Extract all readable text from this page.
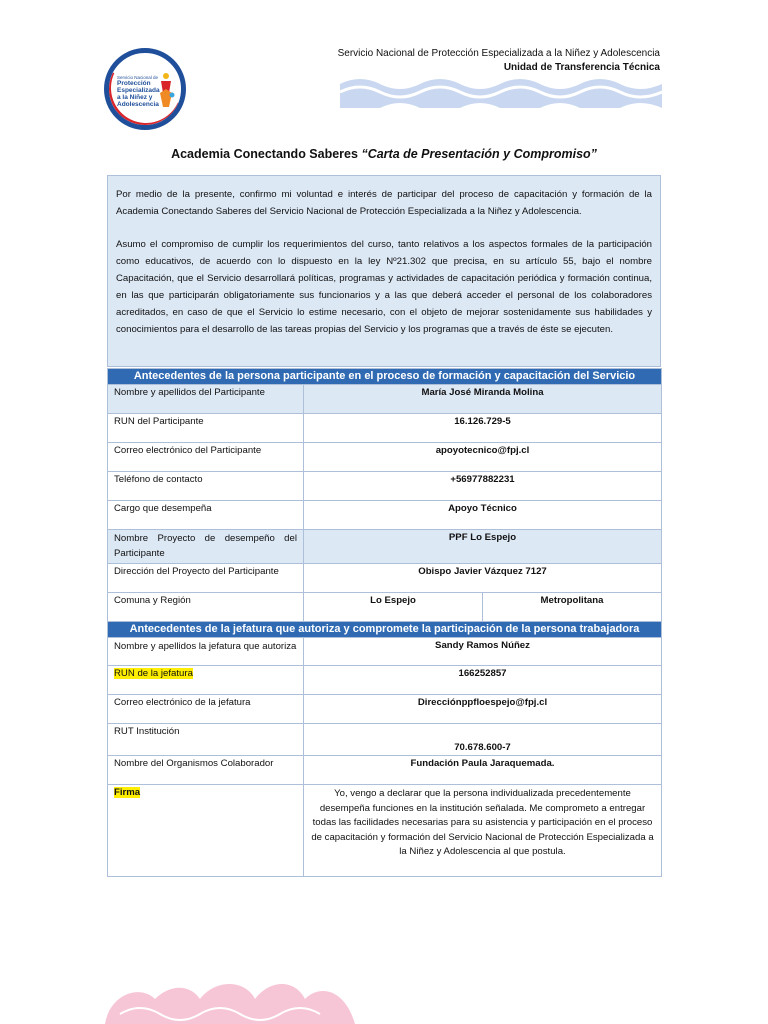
Servicio Nacional de
Protección
Especializada
a la Niñez y
Adolescencia
Servicio Nacional de Protección Especializada a la Niñez y Adolescencia
Unidad de Transferencia Técnica
Academia Conectando Saberes “Carta de Presentación y Compromiso”

Por medio de la presente, confirmo mi voluntad e interés de participar del proceso de capacitación y formación de la Academia Conectando Saberes del Servicio Nacional de Protección Especializada a la Niñez y Adolescencia.

Asumo el compromiso de cumplir los requerimientos del curso, tanto relativos a los aspectos formales de la participación como educativos, de acuerdo con lo dispuesto en la ley Nº21.302 que precisa, en su artículo 55, bajo el nombre Capacitación, que el Servicio desarrollará políticas, programas y actividades de capacitación periódica y formación continua, en las que participarán obligatoriamente sus funcionarios y a las que deberá acceder el personal de los colaboradores acreditados, en caso de que el Servicio lo estime necesario, con el objeto de mejorar sostenidamente sus habilidades y conocimientos para el desarrollo de las tareas propias del Servicio y los programas que a través de éste se ejecuten.

Antecedentes de la persona participante en el proceso de formación y capacitación del Servicio		
Nombre y apellidos del Participante	María José Miranda Molina	
RUN del Participante	16.126.729-5	
Correo electrónico del Participante	apoyotecnico@fpj.cl	
Teléfono de contacto	+56977882231	
Cargo que desempeña	Apoyo Técnico	
Nombre Proyecto de desempeño del Participante	PPF Lo Espejo	
Dirección del Proyecto del Participante	Obispo Javier Vázquez 7127	
Comuna y Región	Lo Espejo	Metropolitana
Antecedentes de la jefatura que autoriza y compromete la participación de la persona trabajadora		
Nombre y apellidos la jefatura que autoriza	Sandy Ramos Núñez	
RUN de la jefatura	166252857	
Correo electrónico de la jefatura	Direcciónppfloespejo@fpj.cl	
RUT Institución	70.678.600-7	
Nombre del Organismos Colaborador	Fundación Paula Jaraquemada.	
Firma	Yo, vengo a declarar que la persona individualizada precedentemente desempeña funciones en la institución señalada. Me comprometo a entregar todas las facilidades necesarias para su asistencia y participación en el proceso de capacitación y formación del Servicio Nacional de Protección Especializada a la Niñez y Adolescencia al que postula.	
